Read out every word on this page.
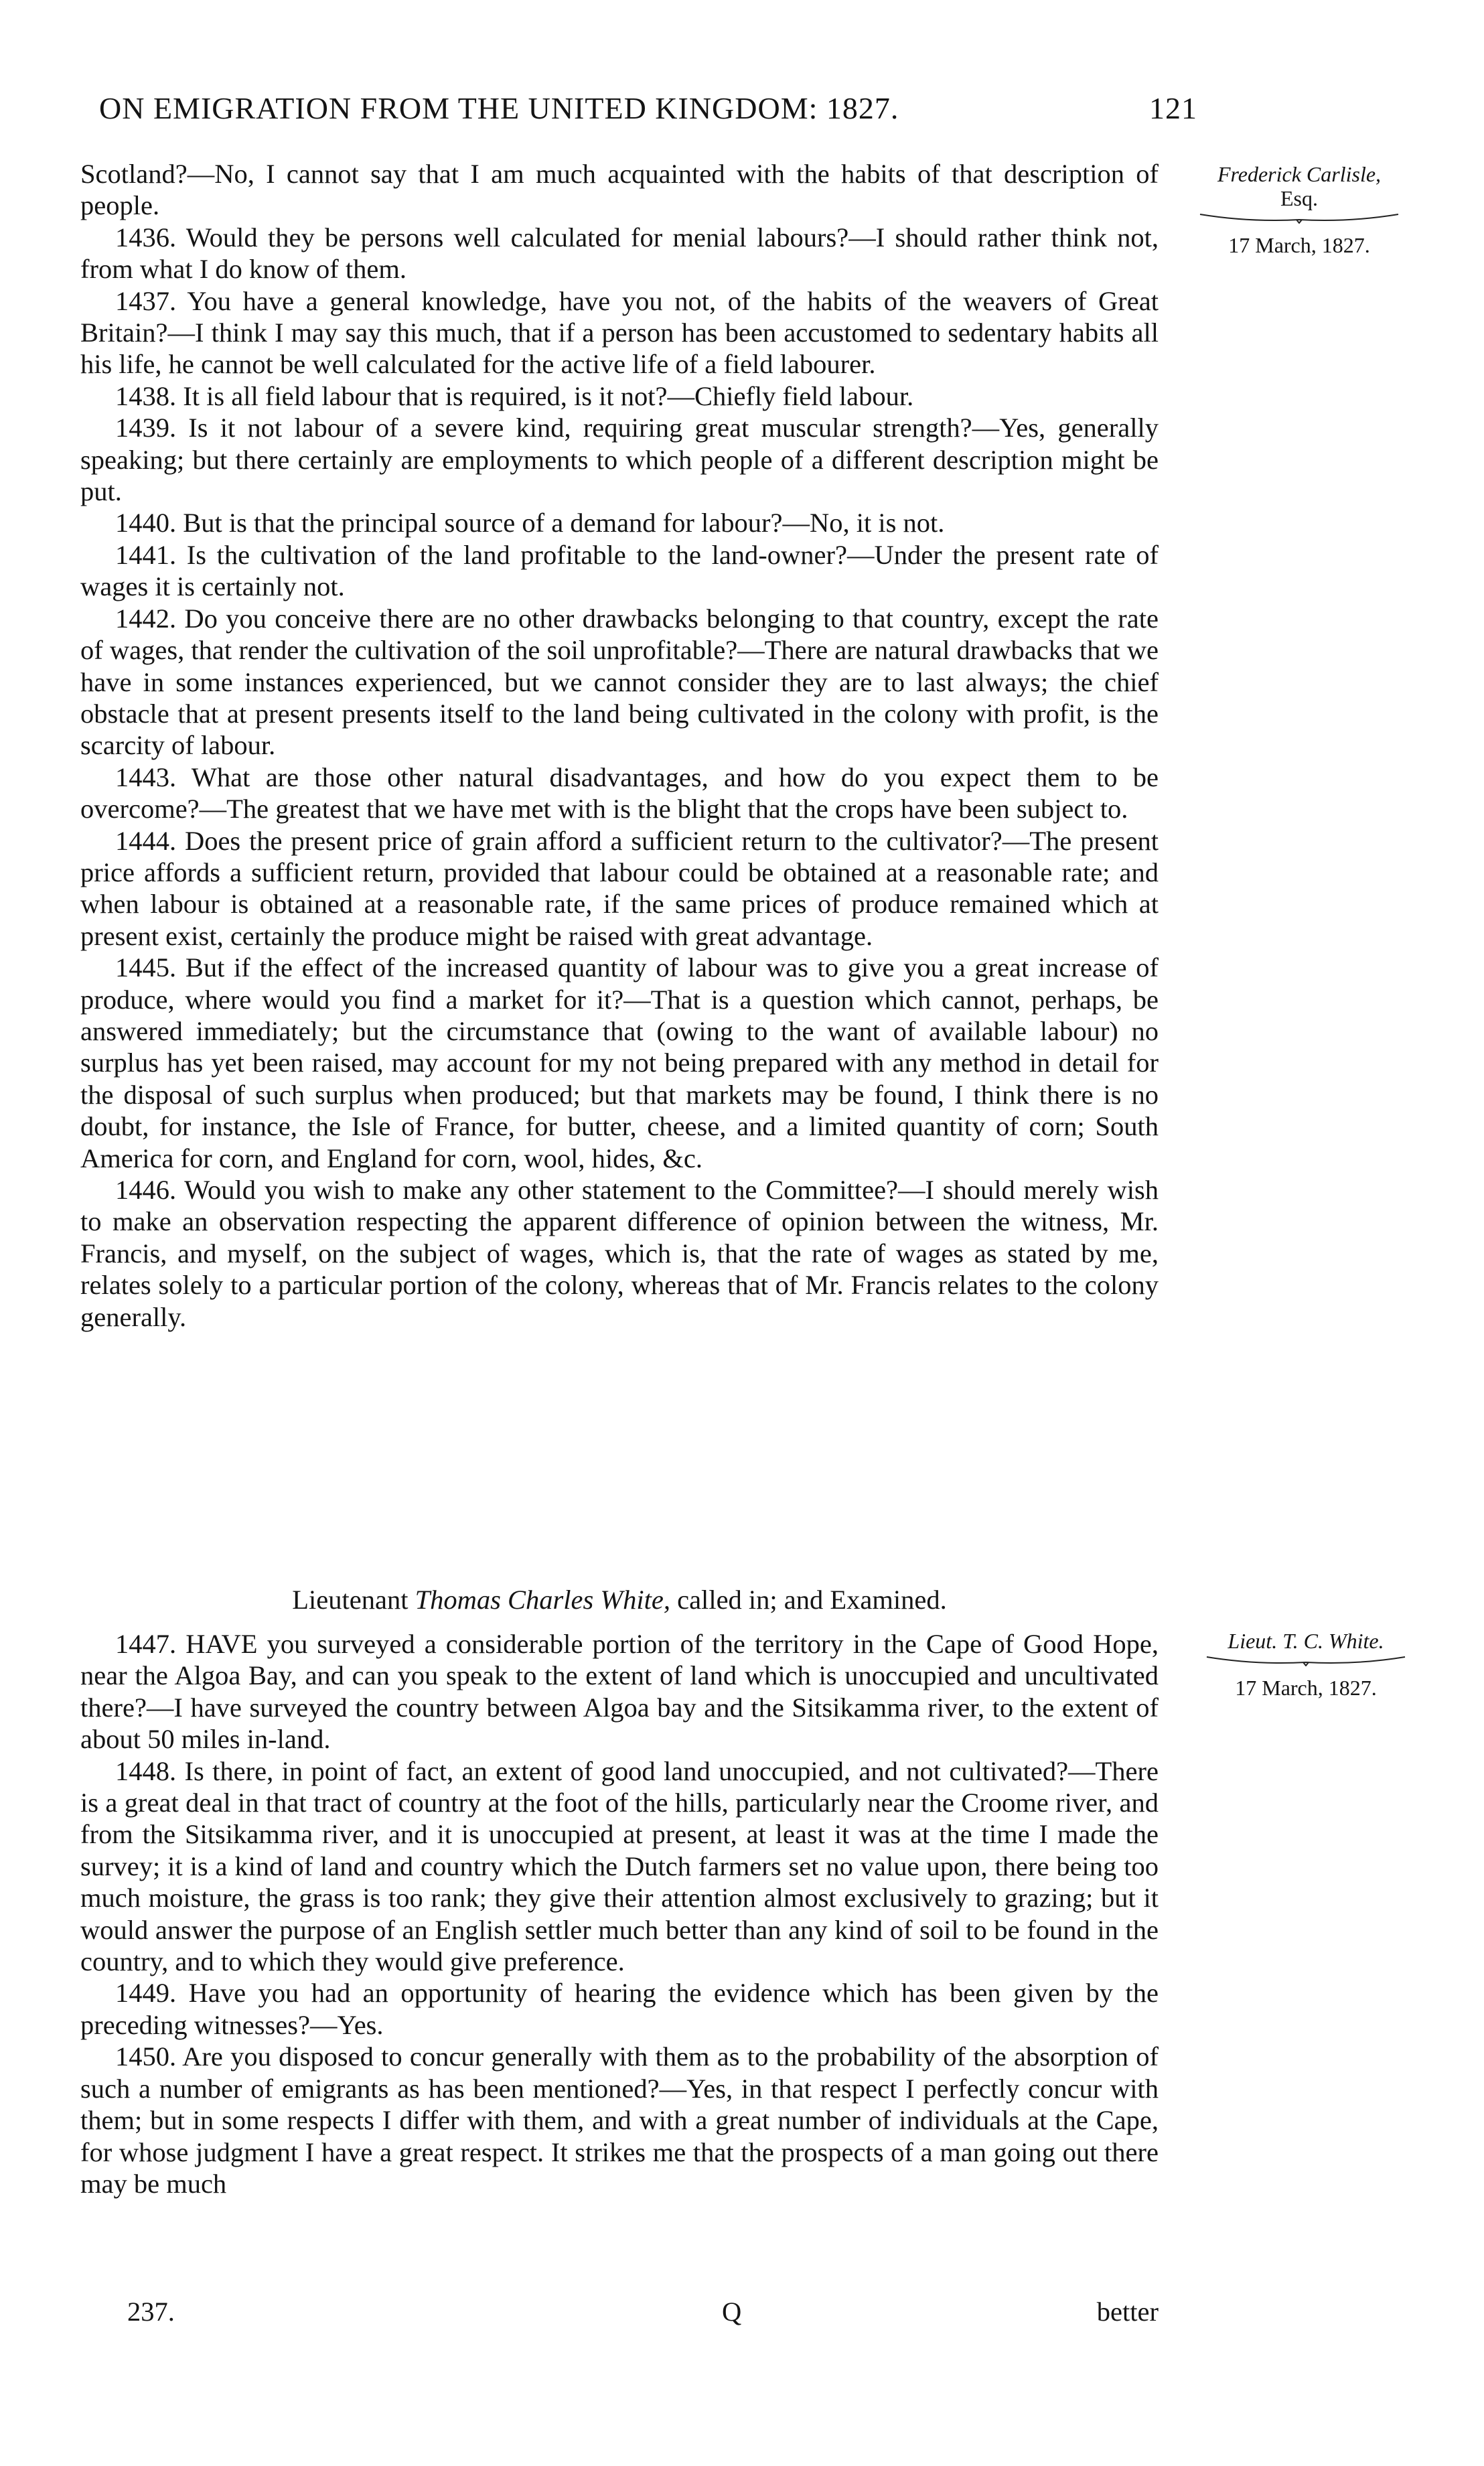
ON EMIGRATION FROM THE UNITED KINGDOM: 1827.	121
Frederick Carlisle,
Esq.
17 March, 1827.

Scotland?—No, I cannot say that I am much acquainted with the habits of that description of people.

1436. Would they be persons well calculated for menial labours?—I should rather think not, from what I do know of them.

1437. You have a general knowledge, have you not, of the habits of the weavers of Great Britain?—I think I may say this much, that if a person has been accustomed to sedentary habits all his life, he cannot be well calculated for the active life of a field labourer.

1438. It is all field labour that is required, is it not?—Chiefly field labour.

1439. Is it not labour of a severe kind, requiring great muscular strength?—Yes, generally speaking; but there certainly are employments to which people of a different description might be put.

1440. But is that the principal source of a demand for labour?—No, it is not.

1441. Is the cultivation of the land profitable to the land-owner?—Under the present rate of wages it is certainly not.

1442. Do you conceive there are no other drawbacks belonging to that country, except the rate of wages, that render the cultivation of the soil unprofitable?—There are natural drawbacks that we have in some instances experienced, but we cannot consider they are to last always; the chief obstacle that at present presents itself to the land being cultivated in the colony with profit, is the scarcity of labour.

1443. What are those other natural disadvantages, and how do you expect them to be overcome?—The greatest that we have met with is the blight that the crops have been subject to.

1444. Does the present price of grain afford a sufficient return to the cultivator?—The present price affords a sufficient return, provided that labour could be obtained at a reasonable rate; and when labour is obtained at a reasonable rate, if the same prices of produce remained which at present exist, certainly the produce might be raised with great advantage.

1445. But if the effect of the increased quantity of labour was to give you a great increase of produce, where would you find a market for it?—That is a question which cannot, perhaps, be answered immediately; but the circumstance that (owing to the want of available labour) no surplus has yet been raised, may account for my not being prepared with any method in detail for the disposal of such surplus when produced; but that markets may be found, I think there is no doubt, for instance, the Isle of France, for butter, cheese, and a limited quantity of corn; South America for corn, and England for corn, wool, hides, &c.

1446. Would you wish to make any other statement to the Committee?—I should merely wish to make an observation respecting the apparent difference of opinion between the witness, Mr. Francis, and myself, on the subject of wages, which is, that the rate of wages as stated by me, relates solely to a particular portion of the colony, whereas that of Mr. Francis relates to the colony generally.

Lieutenant Thomas Charles White, called in; and Examined.
Lieut. T. C. White.
17 March, 1827.

1447. HAVE you surveyed a considerable portion of the territory in the Cape of Good Hope, near the Algoa Bay, and can you speak to the extent of land which is unoccupied and uncultivated there?—I have surveyed the country between Algoa bay and the Sitsikamma river, to the extent of about 50 miles in-land.

1448. Is there, in point of fact, an extent of good land unoccupied, and not cultivated?—There is a great deal in that tract of country at the foot of the hills, particularly near the Croome river, and from the Sitsikamma river, and it is unoccupied at present, at least it was at the time I made the survey; it is a kind of land and country which the Dutch farmers set no value upon, there being too much moisture, the grass is too rank; they give their attention almost exclusively to grazing; but it would answer the purpose of an English settler much better than any kind of soil to be found in the country, and to which they would give preference.

1449. Have you had an opportunity of hearing the evidence which has been given by the preceding witnesses?—Yes.

1450. Are you disposed to concur generally with them as to the probability of the absorption of such a number of emigrants as has been mentioned?—Yes, in that respect I perfectly concur with them; but in some respects I differ with them, and with a great number of individuals at the Cape, for whose judgment I have a great respect. It strikes me that the prospects of a man going out there may be much

237.	Q	better
